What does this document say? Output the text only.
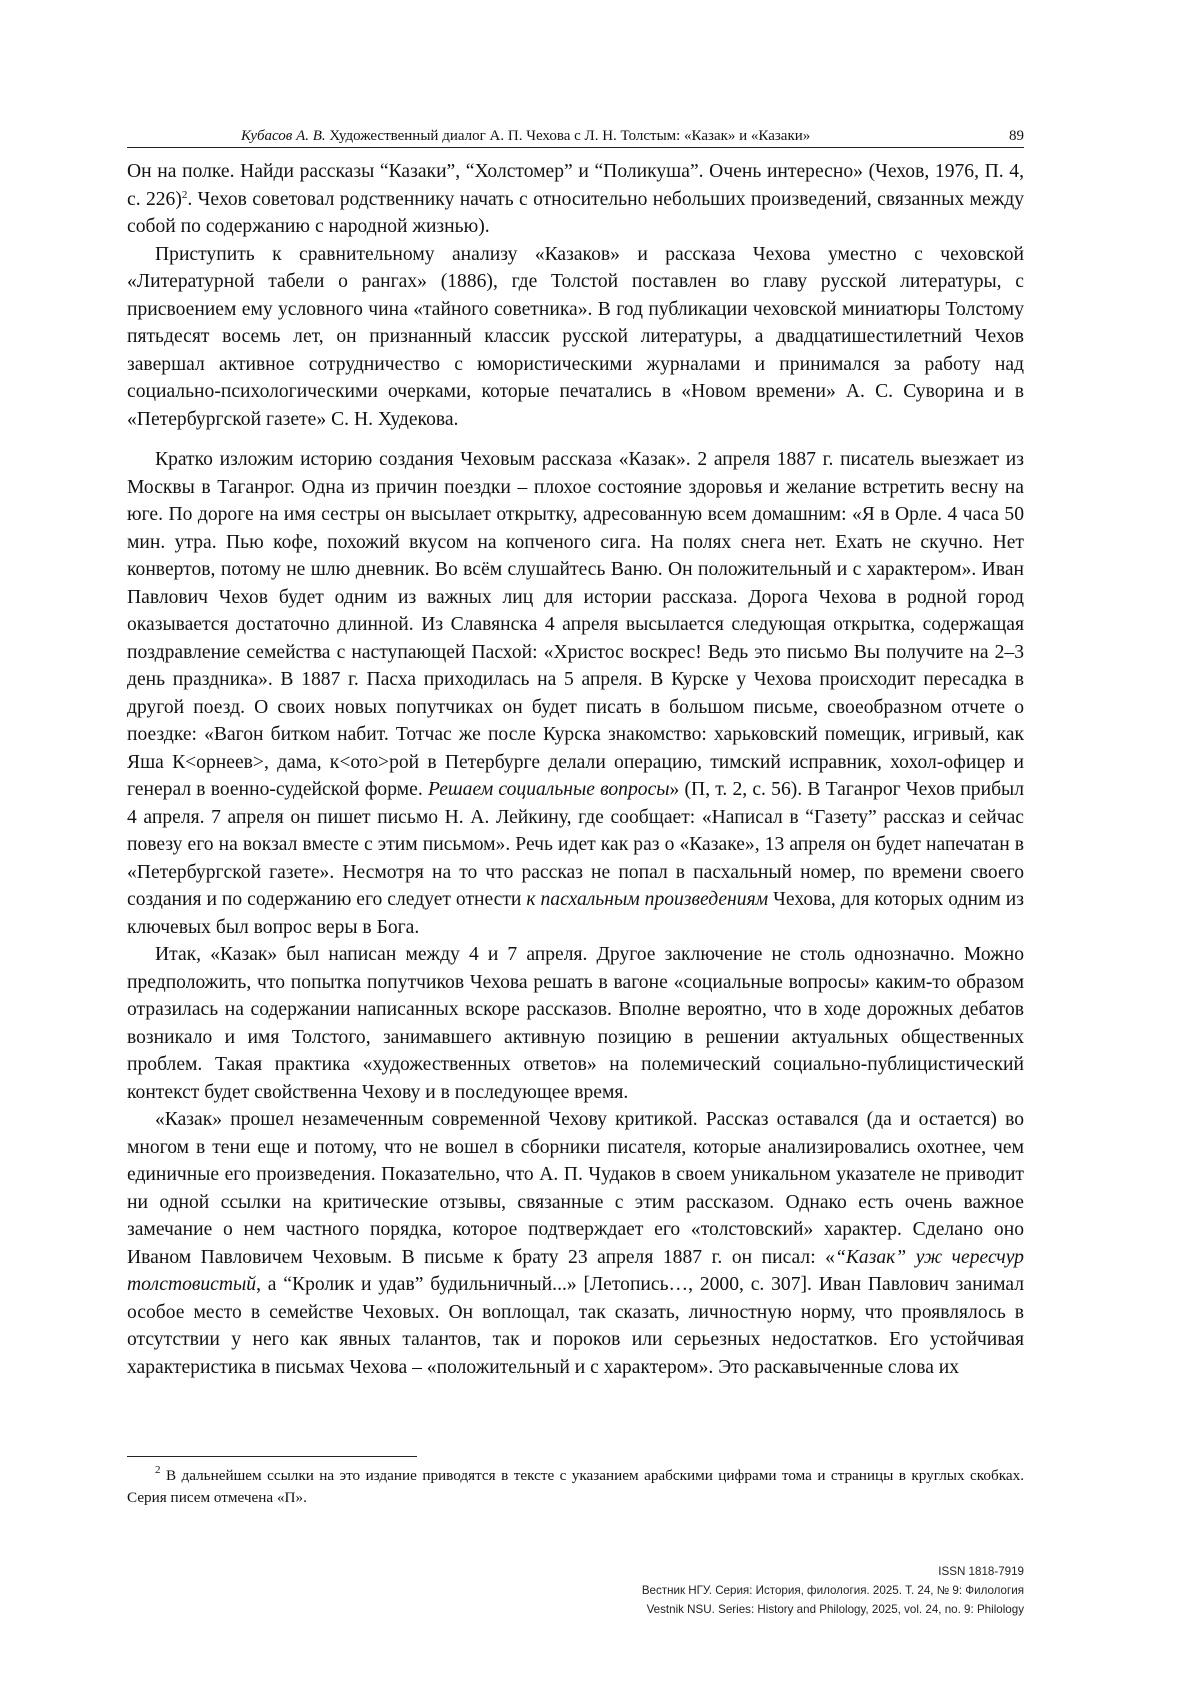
Кубасов А. В. Художественный диалог А. П. Чехова с Л. Н. Толстым: «Казак» и «Казаки»	89

Он на полке. Найди рассказы “Казаки”, “Холстомер” и “Поликуша”. Очень интересно» (Чехов, 1976, П. 4, с. 226)$^2$. Чехов советовал родственнику начать с относительно небольших произведений, связанных между собой по содержанию с народной жизнью).

Приступить к сравнительному анализу «Казаков» и рассказа Чехова уместно с чеховской «Литературной табели о рангах» (1886), где Толстой поставлен во главу русской литературы, с присвоением ему условного чина «тайного советника». В год публикации чеховской миниатюры Толстому пятьдесят восемь лет, он признанный классик русской литературы, а двадцатишестилетний Чехов завершал активное сотрудничество с юмористическими журналами и принимался за работу над социально-психологическими очерками, которые печатались в «Новом времени» А. С. Суворина и в «Петербургской газете» С. Н. Худекова.

Кратко изложим историю создания Чеховым рассказа «Казак». 2 апреля 1887 г. писатель выезжает из Москвы в Таганрог. Одна из причин поездки – плохое состояние здоровья и желание встретить весну на юге. По дороге на имя сестры он высылает открытку, адресованную всем домашним: «Я в Орле. 4 часа 50 мин. утра. Пью кофе, похожий вкусом на копченого сига. На полях снега нет. Ехать не скучно. Нет конвертов, потому не шлю дневник. Во всём слушайтесь Ваню. Он положительный и с характером». Иван Павлович Чехов будет одним из важных лиц для истории рассказа. Дорога Чехова в родной город оказывается достаточно длинной. Из Славянска 4 апреля высылается следующая открытка, содержащая поздравление семейства с наступающей Пасхой: «Христос воскрес! Ведь это письмо Вы получите на 2–3 день праздника». В 1887 г. Пасха приходилась на 5 апреля. В Курске у Чехова происходит пересадка в другой поезд. О своих новых попутчиках он будет писать в большом письме, своеобразном отчете о поездке: «Вагон битком набит. Тотчас же после Курска знакомство: харьковский помещик, игривый, как Яша К<орнеев>, дама, к<ото>рой в Петербурге делали операцию, тимский исправник, хохол-офицер и генерал в военно-судейской форме. Решаем социальные вопросы» (П, т. 2, с. 56). В Таганрог Чехов прибыл 4 апреля. 7 апреля он пишет письмо Н. А. Лейкину, где сообщает: «Написал в “Газету” рассказ и сейчас повезу его на вокзал вместе с этим письмом». Речь идет как раз о «Казаке», 13 апреля он будет напечатан в «Петербургской газете». Несмотря на то что рассказ не попал в пасхальный номер, по времени своего создания и по содержанию его следует отнести к пасхальным произведениям Чехова, для которых одним из ключевых был вопрос веры в Бога.

Итак, «Казак» был написан между 4 и 7 апреля. Другое заключение не столь однозначно. Можно предположить, что попытка попутчиков Чехова решать в вагоне «социальные вопросы» каким-то образом отразилась на содержании написанных вскоре рассказов. Вполне вероятно, что в ходе дорожных дебатов возникало и имя Толстого, занимавшего активную позицию в решении актуальных общественных проблем. Такая практика «художественных ответов» на полемический социально-публицистический контекст будет свойственна Чехову и в последующее время.

«Казак» прошел незамеченным современной Чехову критикой. Рассказ оставался (да и остается) во многом в тени еще и потому, что не вошел в сборники писателя, которые анализировались охотнее, чем единичные его произведения. Показательно, что А. П. Чудаков в своем уникальном указателе не приводит ни одной ссылки на критические отзывы, связанные с этим рассказом. Однако есть очень важное замечание о нем частного порядка, которое подтверждает его «толстовский» характер. Сделано оно Иваном Павловичем Чеховым. В письме к брату 23 апреля 1887 г. он писал: «“Казак” уж чересчур толстовистый, а “Кролик и удав” будильничный...» [Летопись…, 2000, с. 307]. Иван Павлович занимал особое место в семействе Чеховых. Он воплощал, так сказать, личностную норму, что проявлялось в отсутствии у него как явных талантов, так и пороков или серьезных недостатков. Его устойчивая характеристика в письмах Чехова – «положительный и с характером». Это раскавыченные слова их

$^2$ В дальнейшем ссылки на это издание приводятся в тексте с указанием арабскими цифрами тома и страницы в круглых скобках. Серия писем отмечена «П».
ISSN 1818-7919
Вестник НГУ. Серия: История, филология. 2025. Т. 24, № 9: Филология
Vestnik NSU. Series: History and Philology, 2025, vol. 24, no. 9: Philology
